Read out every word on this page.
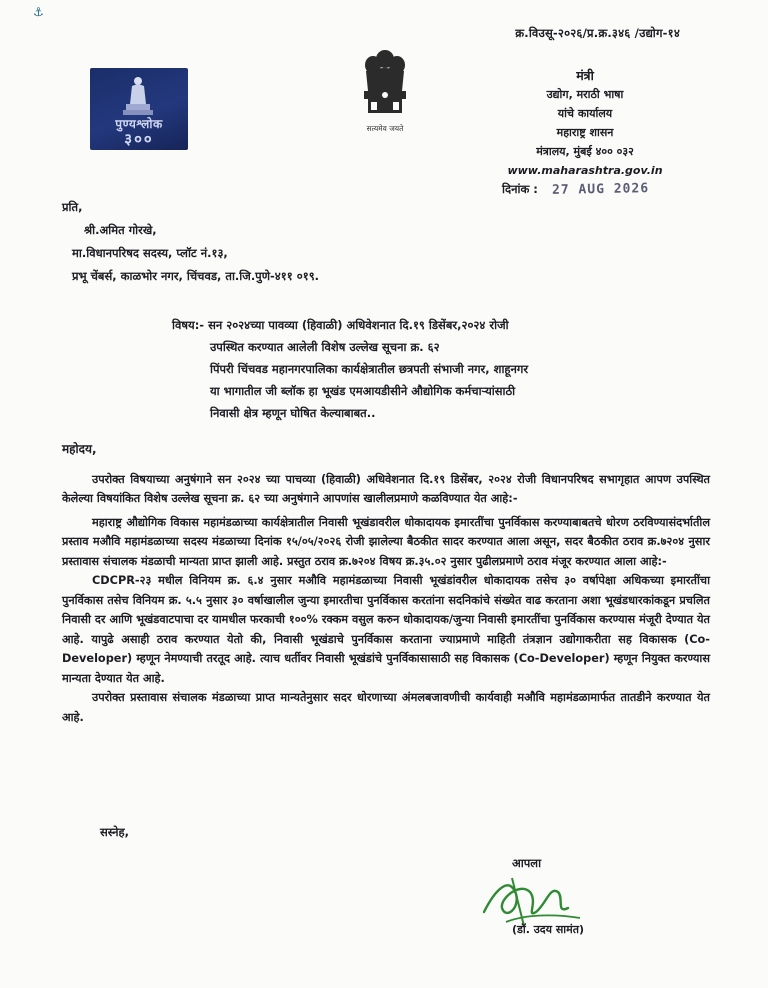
⚓
क्र.विउसू-२०२६/प्र.क्र.३४६ /उद्योग-१४
पुण्यश्लोक
३००
सत्यमेव जयते
मंत्री
उद्योग, मराठी भाषा
यांचे कार्यालय
महाराष्ट्र शासन
मंत्रालय, मुंबई ४०० ०३२
www.maharashtra.gov.in
दिनांक : 27 AUG 2026
प्रति,
श्री.अमित गोरखे,
मा.विधानपरिषद सदस्य, प्लॉट नं.१३,
प्रभू चेंबर्स, काळभोर नगर, चिंचवड, ता.जि.पुणे-४११ ०१९.
विषय:- सन २०२४च्या पावव्या (हिवाळी) अधिवेशनात दि.१९ डिसेंबर,२०२४ रोजी
उपस्थित करण्यात आलेली विशेष उल्लेख सूचना क्र. ६२
पिंपरी चिंचवड महानगरपालिका कार्यक्षेत्रातील छत्रपती संभाजी नगर, शाहूनगर
या भागातील जी ब्लॉक हा भूखंड एमआयडीसीने औद्योगिक कर्मचाऱ्यांसाठी
निवासी क्षेत्र म्हणून घोषित केल्याबाबत..

महोदय,

उपरोक्त विषयाच्या अनुषंगाने सन २०२४ च्या पाचव्या (हिवाळी) अधिवेशनात दि.१९ डिसेंबर, २०२४ रोजी विधानपरिषद सभागृहात आपण उपस्थित केलेल्या विषयांकित विशेष उल्लेख सूचना क्र. ६२ च्या अनुषंगाने आपणांस खालीलप्रमाणे कळविण्यात येत आहे:-

महाराष्ट्र औद्योगिक विकास महामंडळाच्या कार्यक्षेत्रातील निवासी भूखंडावरील धोकादायक इमारतींचा पुनर्विकास करण्याबाबतचे धोरण ठरविण्यासंदर्भातील प्रस्ताव मऔवि महामंडळाच्या सदस्य मंडळाच्या दिनांक १५/०५/२०२६ रोजी झालेल्या बैठकीत सादर करण्यात आला असून, सदर बैठकीत ठराव क्र.७२०४ नुसार प्रस्तावास संचालक मंडळाची मान्यता प्राप्त झाली आहे. प्रस्तुत ठराव क्र.७२०४ विषय क्र.३५.०२ नुसार पुढीलप्रमाणे ठराव मंजूर करण्यात आला आहे:-

CDCPR-२३ मधील विनियम क्र. ६.४ नुसार मऔवि महामंडळाच्या निवासी भूखंडांवरील धोकादायक तसेच ३० वर्षापेक्षा अधिकच्या इमारतींचा पुनर्विकास तसेच विनियम क्र. ५.५ नुसार ३० वर्षाखालील जुन्या इमारतीचा पुनर्विकास करतांना सदनिकांचे संख्येत वाढ करताना अशा भूखंडधारकांकडून प्रचलित निवासी दर आणि भूखंडवाटपाचा दर यामधील फरकाची १००% रक्कम वसुल करुन धोकादायक/जुन्या निवासी इमारतींचा पुनर्विकास करण्यास मंजूरी देण्यात येत आहे. यापुढे असाही ठराव करण्यात येतो की, निवासी भूखंडाचे पुनर्विकास करताना ज्याप्रमाणे माहिती तंत्रज्ञान उद्योगाकरीता सह विकासक (Co-Developer) म्हणून नेमण्याची तरतूद आहे. त्याच धर्तीवर निवासी भूखंडांचे पुनर्विकासासाठी सह विकासक (Co-Developer) म्हणून नियुक्त करण्यास मान्यता देण्यात येत आहे.

उपरोक्त प्रस्तावास संचालक मंडळाच्या प्राप्त मान्यतेनुसार सदर धोरणाच्या अंमलबजावणीची कार्यवाही मऔवि महामंडळामार्फत तातडीने करण्यात येत आहे.

सस्नेह,
आपला
(डॉ. उदय सामंत)
